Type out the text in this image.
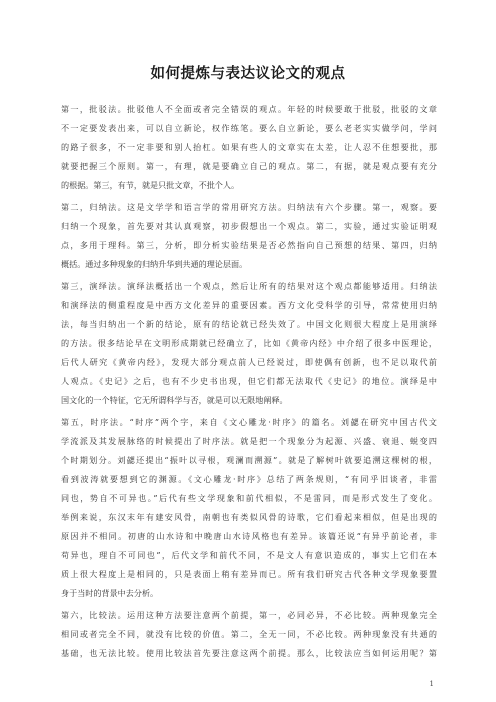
如何提炼与表达议论文的观点
第一，批驳法。批驳他人不全面或者完全错误的观点。年轻的时候要敢于批驳，批驳的文章
不一定要发表出来，可以自立新论，权作练笔。要么自立新论，要么老老实实做学问，学问
的路子很多，不一定非要和别人抬杠。如果有些人的文章实在太差，让人忍不住想要批，那
就要把握三个原则。第一，有理，就是要确立自己的观点。第二，有据，就是观点要有充分
的根据。第三，有节，就是只批文章，不批个人。
第二，归纳法。这是文学学和语言学的常用研究方法。归纳法有六个步骤。第一，观察。要
归纳一个现象，首先要对其认真观察，初步假想出一个观点。第二，实验，通过实验证明观
点，多用于理科。第三，分析，即分析实验结果是否必然指向自己预想的结果、第四，归纳
概括。通过多种现象的归纳升华到共通的理论层面。
第三，演绎法。演绎法概括出一个观点，然后让所有的结果对这个观点都能够适用。归纳法
和演绎法的侧重程度是中西方文化差异的重要因素。西方文化受科学的引导，常常使用归纳
法，每当归纳出一个新的结论，原有的结论就已经失效了。中国文化则很大程度上是用演绎
的方法。很多结论早在文明形成期就已经确立了，比如《黄帝内经》中介绍了很多中医理论，
后代人研究《黄帝内经》，发现大部分观点前人已经说过，即使偶有创新，也不足以取代前
人观点。《史记》之后，也有不少史书出现，但它们都无法取代《史记》的地位。演绎是中
国文化的一个特征，它无所谓科学与否，就是可以无限地阐释。
第五，时序法。“时序”两个字，来自《文心雕龙·时序》的篇名。刘勰在研究中国古代文
学流派及其发展脉络的时候提出了时序法。就是把一个现象分为起源、兴盛、衰退、蜕变四
个时期划分。刘勰还提出“振叶以寻根，观澜而溯源”。就是了解树叶就要追溯这棵树的根，
看到波涛就要想到它的渊源。《文心雕龙·时序》总结了两条规则，“有同乎旧谈者，非雷
同也，势自不可异也。”后代有些文学现象和前代相似，不是雷同，而是形式发生了变化。
举例来说，东汉末年有建安风骨，南朝也有类似风骨的诗歌，它们看起来相似，但是出现的
原因并不相同。初唐的山水诗和中晚唐山水诗风格也有差异。该篇还说“有异乎前论者，非
苟异也，理自不可同也”，后代文学和前代不同，不是文人有意识造成的，事实上它们在本
质上很大程度上是相同的，只是表面上稍有差异而已。所有我们研究古代各种文学现象要置
身于当时的背景中去分析。
第六，比较法。运用这种方法要注意两个前提，第一，必同必异，不必比较。两种现象完全
相同或者完全不同，就没有比较的价值。第二，全无一同，不必比较。两种现象没有共通的
基础，也无法比较。使用比较法首先要注意这两个前提。那么，比较法应当如何运用呢？第
1
